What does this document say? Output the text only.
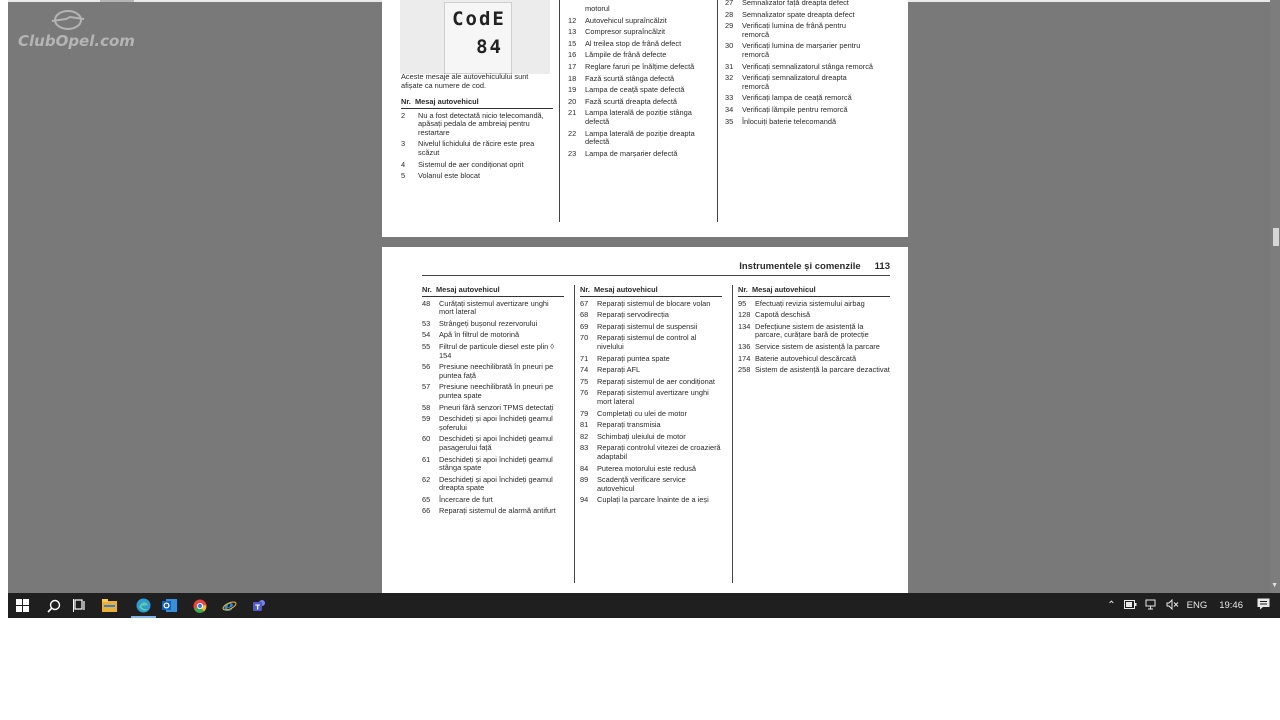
ClubOpel.com
CodE
84
Aceste mesaje ale autovehiculului sunt afișate ca numere de cod.
Nr. Mesaj autovehicul
2	Nu a fost detectată nicio telecomandă, apăsați pedala de ambreiaj pentru restartare
3	Nivelul lichidului de răcire este prea scăzut
4	Sistemul de aer condiționat oprit
5	Volanul este blocat
motorul
12	Autovehicul supraîncălzit
13	Compresor supraîncălzit
15	Al treilea stop de frână defect
16	Lămpile de frână defecte
17	Reglare faruri pe înălțime defectă
18	Fază scurtă stânga defectă
19	Lampa de ceață spate defectă
20	Fază scurtă dreapta defectă
21	Lampa laterală de poziție stânga defectă
22	Lampa laterală de poziție dreapta defectă
23	Lampa de marșarier defectă
27	Semnalizator față dreapta defect
28	Semnalizator spate dreapta defect
29	Verificați lumina de frână pentru remorcă
30	Verificați lumina de marșarier pentru remorcă
31	Verificați semnalizatorul stânga remorcă
32	Verificați semnalizatorul dreapta remorcă
33	Verificați lampa de ceață remorcă
34	Verificați lămpile pentru remorcă
35	Înlocuiți baterie telecomandă
Instrumentele și comenzile 113
Nr. Mesaj autovehicul
48	Curățați sistemul avertizare unghi mort lateral
53	Strângeți bușonul rezervorului
54	Apă în filtrul de motorină
55	Filtrul de particule diesel este plin ◊ 154
56	Presiune neechilibrată în pneuri pe puntea față
57	Presiune neechilibrată în pneuri pe puntea spate
58	Pneuri fără senzori TPMS detectați
59	Deschideți și apoi închideți geamul șoferului
60	Deschideți și apoi închideți geamul pasagerului față
61	Deschideți și apoi închideți geamul stânga spate
62	Deschideți și apoi închideți geamul dreapta spate
65	Încercare de furt
66	Reparați sistemul de alarmă antifurt
Nr. Mesaj autovehicul
67	Reparați sistemul de blocare volan
68	Reparați servodirecția
69	Reparați sistemul de suspensii
70	Reparați sistemul de control al nivelului
71	Reparați puntea spate
74	Reparați AFL
75	Reparați sistemul de aer condiționat
76	Reparați sistemul avertizare unghi mort lateral
79	Completați cu ulei de motor
81	Reparați transmisia
82	Schimbați uleiului de motor
83	Reparați controlul vitezei de croazieră adaptabil
84	Puterea motorului este redusă
89	Scadență verificare service autovehicul
94	Cuplați la parcare înainte de a ieși
Nr. Mesaj autovehicul
95	Efectuați revizia sistemului airbag
128 Capotă deschisă
134 Defecțiune sistem de asistență la parcare, curățare bară de protecție
136 Service sistem de asistență la parcare
174 Baterie autovehicul descărcată
258 Sistem de asistență la parcare dezactivat
▼
e	T	⌃	ENG 19:46
